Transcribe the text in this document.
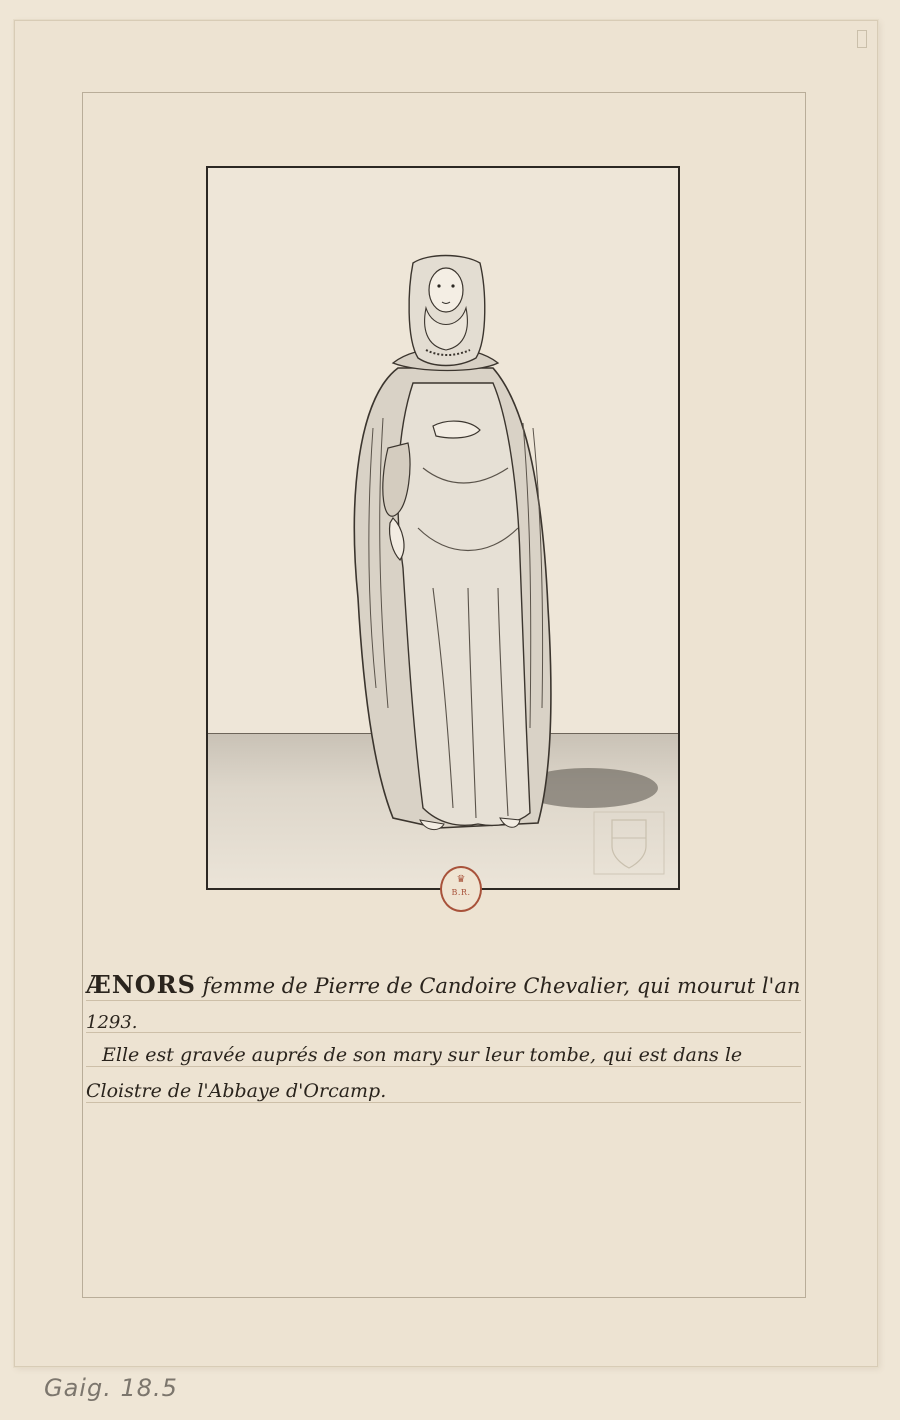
♛
B.R.
ÆNORS femme de Pierre de Candoire Chevalier, qui mourut l'an
1293.
Elle est gravée auprés de son mary sur leur tombe, qui est dans le
Cloistre de l'Abbaye d'Orcamp.
Gaig. 18.5
